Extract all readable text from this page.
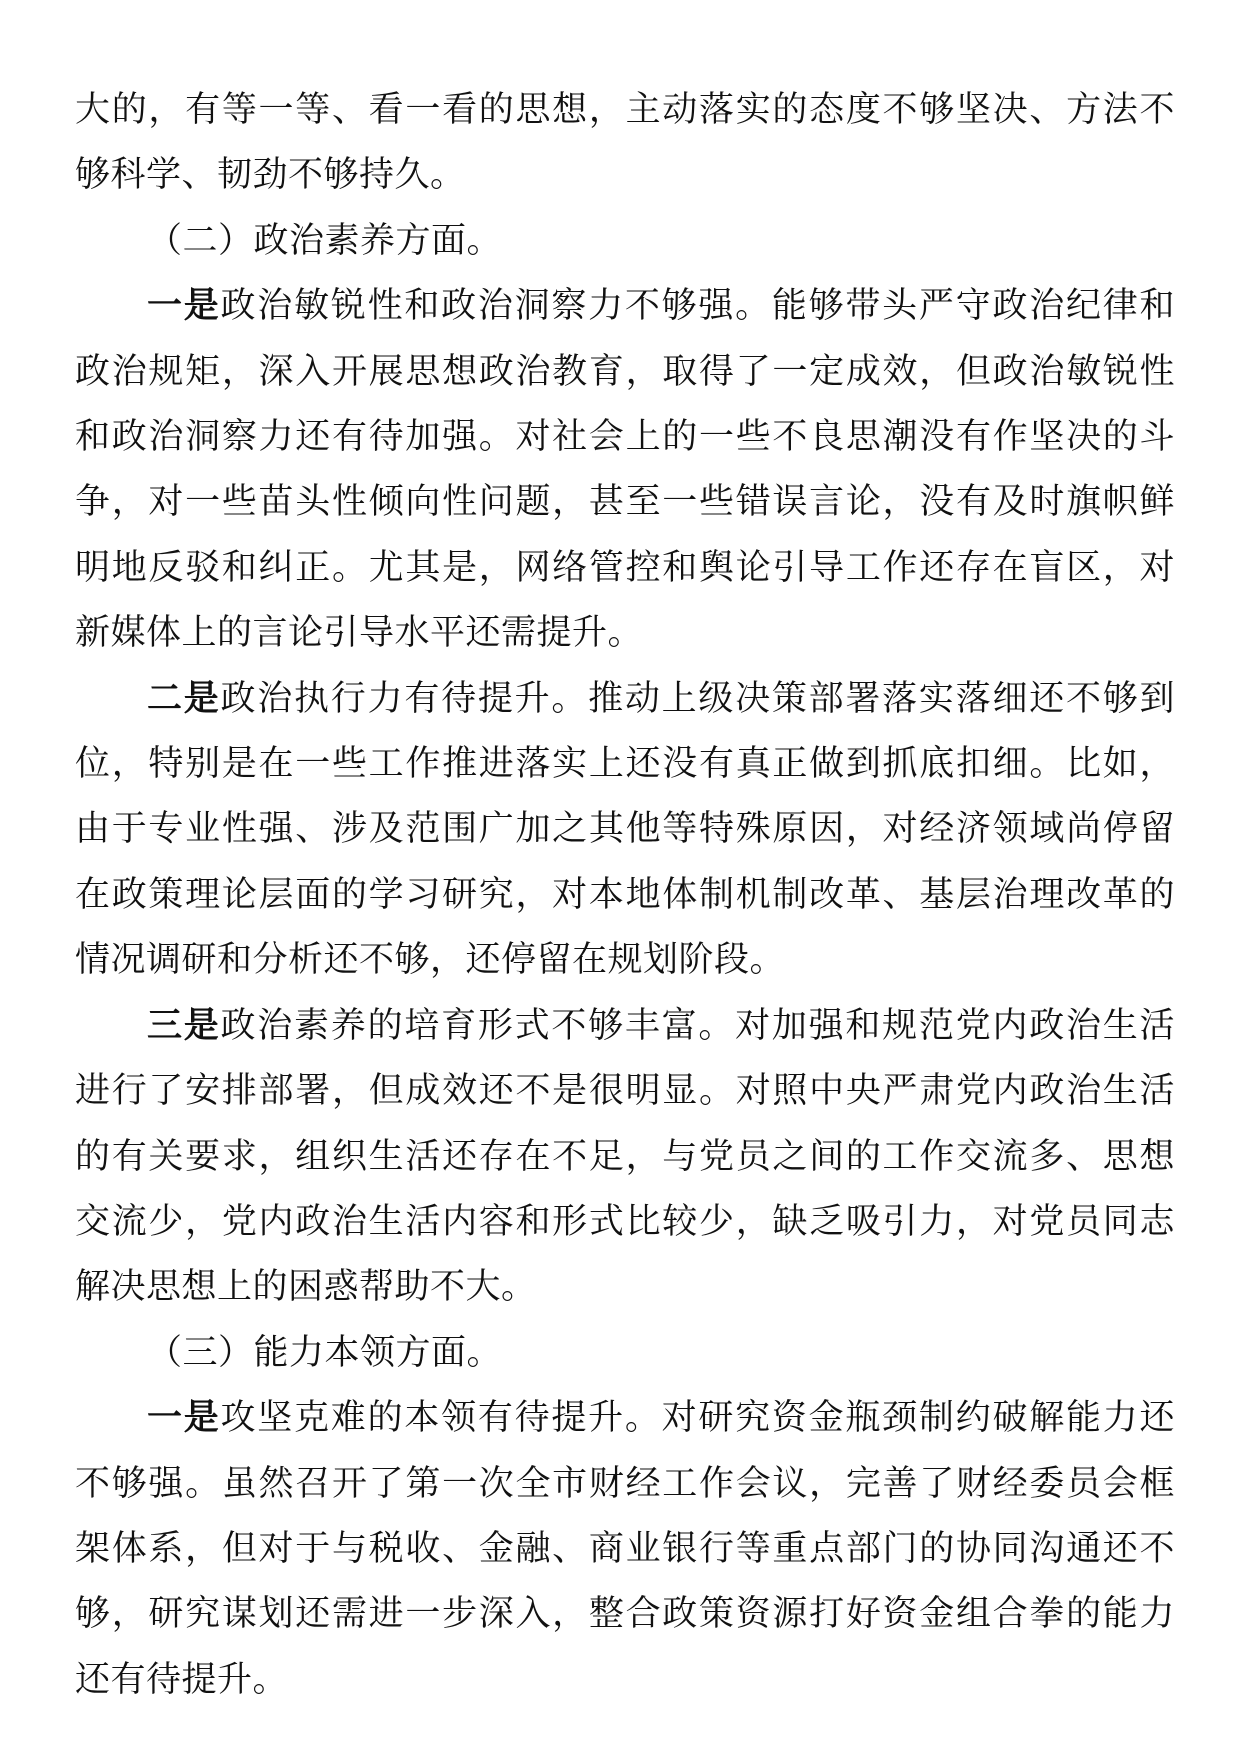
大的，有等一等、看一看的思想，主动落实的态度不够坚决、方法不够科学、韧劲不够持久。

（二）政治素养方面。

一是政治敏锐性和政治洞察力不够强。能够带头严守政治纪律和政治规矩，深入开展思想政治教育，取得了一定成效，但政治敏锐性和政治洞察力还有待加强。对社会上的一些不良思潮没有作坚决的斗争，对一些苗头性倾向性问题，甚至一些错误言论，没有及时旗帜鲜明地反驳和纠正。尤其是，网络管控和舆论引导工作还存在盲区，对新媒体上的言论引导水平还需提升。

二是政治执行力有待提升。推动上级决策部署落实落细还不够到位，特别是在一些工作推进落实上还没有真正做到抓底扣细。比如，由于专业性强、涉及范围广加之其他等特殊原因，对经济领域尚停留在政策理论层面的学习研究，对本地体制机制改革、基层治理改革的情况调研和分析还不够，还停留在规划阶段。

三是政治素养的培育形式不够丰富。对加强和规范党内政治生活进行了安排部署，但成效还不是很明显。对照中央严肃党内政治生活的有关要求，组织生活还存在不足，与党员之间的工作交流多、思想交流少，党内政治生活内容和形式比较少，缺乏吸引力，对党员同志解决思想上的困惑帮助不大。

（三）能力本领方面。

一是攻坚克难的本领有待提升。对研究资金瓶颈制约破解能力还不够强。虽然召开了第一次全市财经工作会议，完善了财经委员会框架体系，但对于与税收、金融、商业银行等重点部门的协同沟通还不够，研究谋划还需进一步深入，整合政策资源打好资金组合拳的能力还有待提升。
